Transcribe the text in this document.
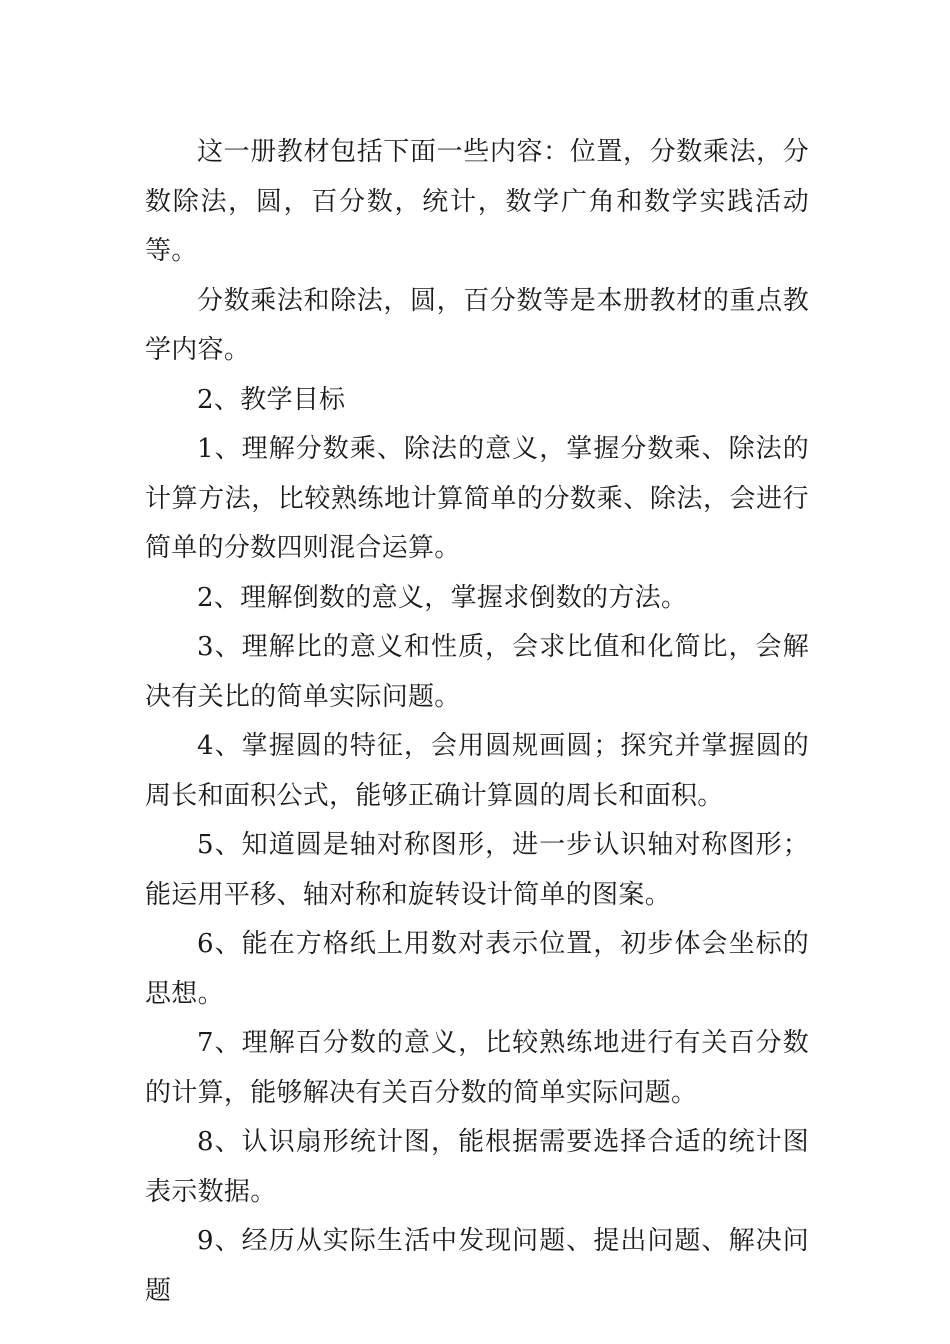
这一册教材包括下面一些内容：位置，分数乘法，分数除法，圆，百分数，统计，数学广角和数学实践活动等。

分数乘法和除法，圆，百分数等是本册教材的重点教学内容。

2、教学目标

1、理解分数乘、除法的意义，掌握分数乘、除法的计算方法，比较熟练地计算简单的分数乘、除法，会进行简单的分数四则混合运算。

2、理解倒数的意义，掌握求倒数的方法。

3、理解比的意义和性质，会求比值和化简比，会解决有关比的简单实际问题。

4、掌握圆的特征，会用圆规画圆；探究并掌握圆的周长和面积公式，能够正确计算圆的周长和面积。

5、知道圆是轴对称图形，进一步认识轴对称图形；能运用平移、轴对称和旋转设计简单的图案。

6、能在方格纸上用数对表示位置，初步体会坐标的思想。

7、理解百分数的意义，比较熟练地进行有关百分数的计算，能够解决有关百分数的简单实际问题。

8、认识扇形统计图，能根据需要选择合适的统计图表示数据。

9、经历从实际生活中发现问题、提出问题、解决问题
